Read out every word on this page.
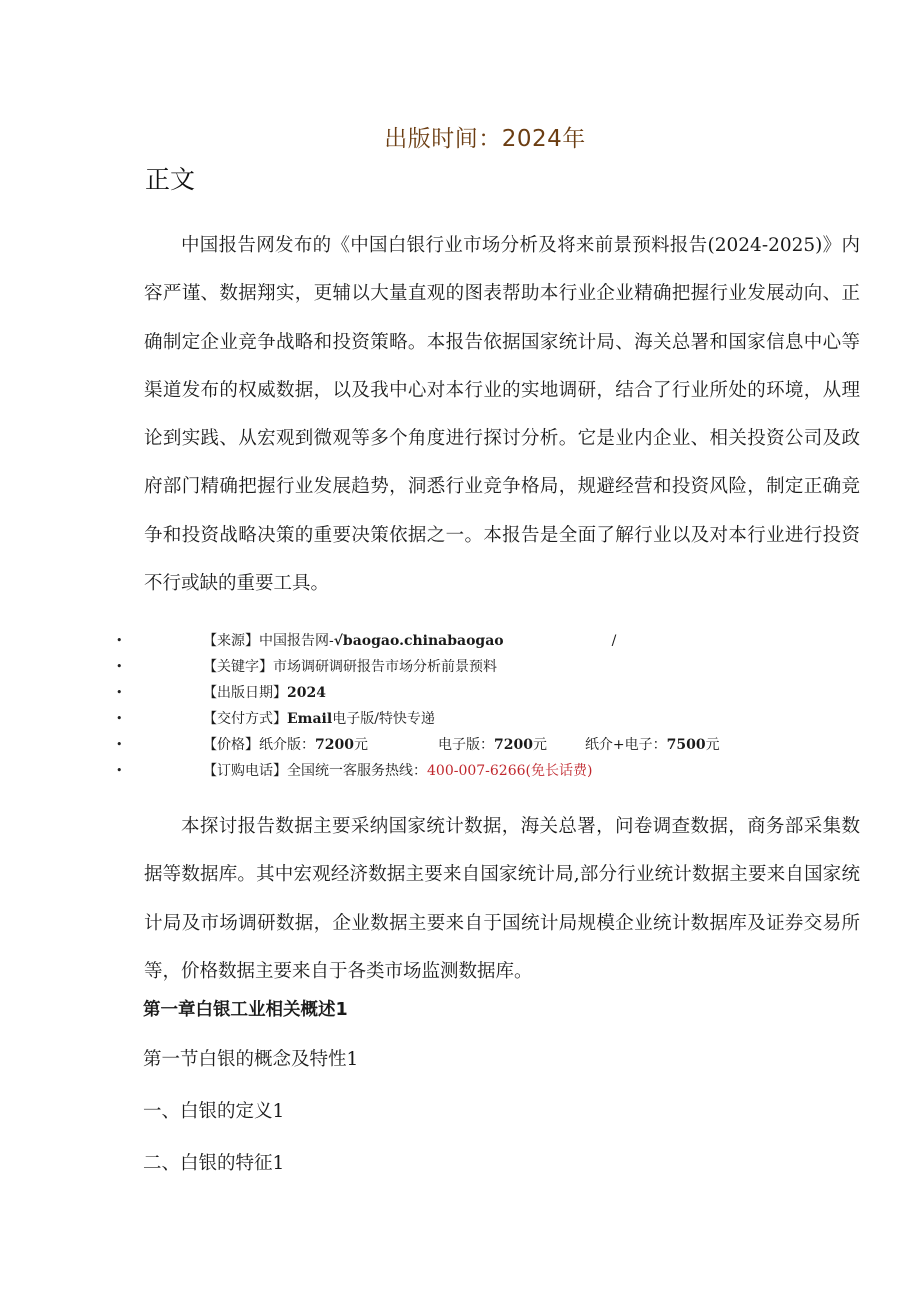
出版时间：2024年
正文

中国报告网发布的《中国白银行业市场分析及将来前景预料报告(2024-2025)》内容严谨、数据翔实，更辅以大量直观的图表帮助本行业企业精确把握行业发展动向、正确制定企业竞争战略和投资策略。本报告依据国家统计局、海关总署和国家信息中心等渠道发布的权威数据，以及我中心对本行业的实地调研，结合了行业所处的环境，从理论到实践、从宏观到微观等多个角度进行探讨分析。它是业内企业、相关投资公司及政府部门精确把握行业发展趋势，洞悉行业竞争格局，规避经营和投资风险，制定正确竞争和投资战略决策的重要决策依据之一。本报告是全面了解行业以及对本行业进行投资不行或缺的重要工具。

•	【来源】中国报告网-√baogao.chinabaogao	/
•	【关键字】市场调研调研报告市场分析前景预料
•	【出版日期】2024
•	【交付方式】Email电子版/特快专递
•	【价格】纸介版：7200元	电子版：7200元	纸介+电子：7500元
•	【订购电话】全国统一客服务热线：400-007-6266(免长话费)

本探讨报告数据主要采纳国家统计数据，海关总署，问卷调查数据，商务部采集数据等数据库。其中宏观经济数据主要来自国家统计局,部分行业统计数据主要来自国家统计局及市场调研数据，企业数据主要来自于国统计局规模企业统计数据库及证券交易所等，价格数据主要来自于各类市场监测数据库。

第一章白银工业相关概述1
第一节白银的概念及特性1
一、白银的定义1
二、白银的特征1
